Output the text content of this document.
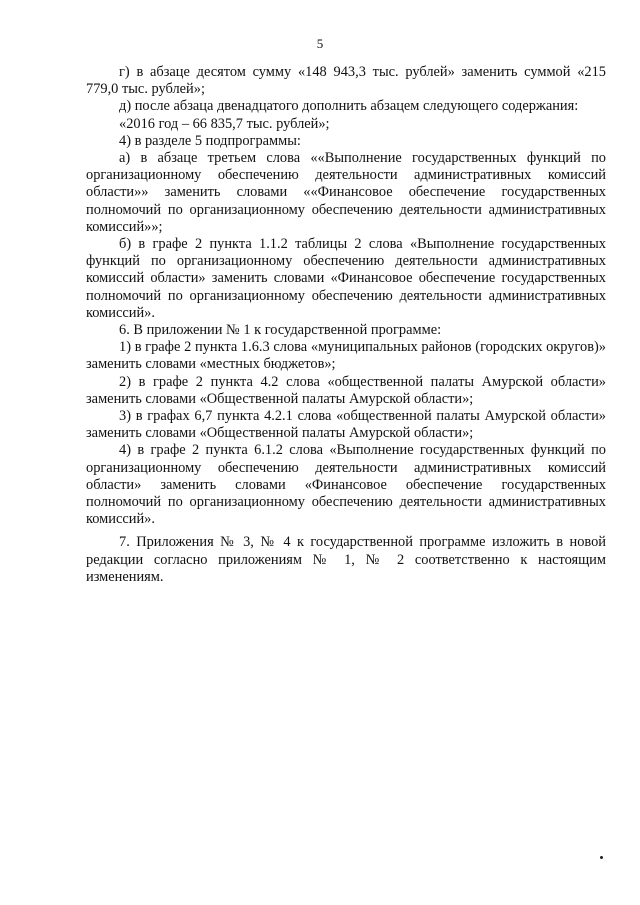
5

г) в абзаце десятом сумму «148 943,3 тыс. рублей» заменить суммой «215 779,0 тыс. рублей»;

д) после абзаца двенадцатого дополнить абзацем следующего содержания:

«2016 год – 66 835,7 тыс. рублей»;

4) в разделе 5 подпрограммы:

а) в абзаце третьем слова ««Выполнение государственных функций по организационному обеспечению деятельности административных комиссий области»» заменить словами ««Финансовое обеспечение государственных полномочий по организационному обеспечению деятельности административных комиссий»»;

б) в графе 2 пункта 1.1.2 таблицы 2 слова «Выполнение государственных функций по организационному обеспечению деятельности административных комиссий области» заменить словами «Финансовое обеспечение государственных полномочий по организационному обеспечению деятельности административных комиссий».

6. В приложении № 1 к государственной программе:

1) в графе 2 пункта 1.6.3 слова «муниципальных районов (городских округов)» заменить словами «местных бюджетов»;

2) в графе 2 пункта 4.2 слова «общественной палаты Амурской области» заменить словами «Общественной палаты Амурской области»;

3) в графах 6,7 пункта 4.2.1 слова «общественной палаты Амурской области» заменить словами «Общественной палаты Амурской области»;

4) в графе 2 пункта 6.1.2 слова «Выполнение государственных функций по организационному обеспечению деятельности административных комиссий области» заменить словами «Финансовое обеспечение государственных полномочий по организационному обеспечению деятельности административных комиссий».

7. Приложения № 3, № 4 к государственной программе изложить в новой редакции согласно приложениям № 1, № 2 соответственно к настоящим изменениям.
